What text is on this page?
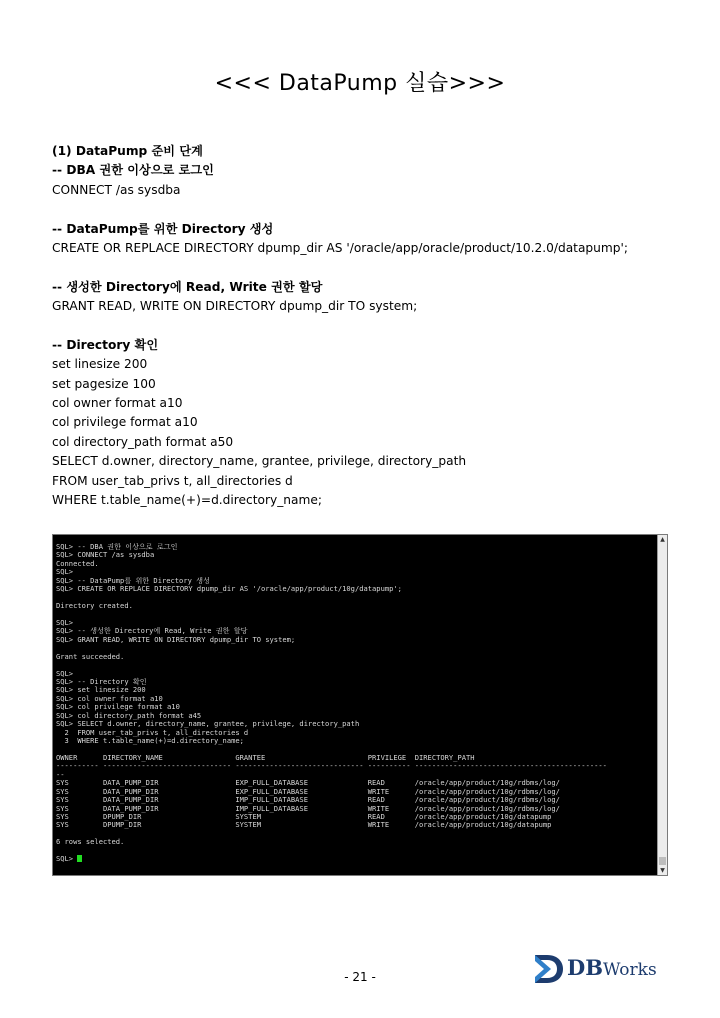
<<< DataPump 실습>>>
(1) DataPump 준비 단계
-- DBA 권한 이상으로 로그인
CONNECT /as sysdba
-- DataPump를 위한 Directory 생성
CREATE OR REPLACE DIRECTORY dpump_dir AS '/oracle/app/oracle/product/10.2.0/datapump';
-- 생성한 Directory에 Read, Write 권한 할당
GRANT READ, WRITE ON DIRECTORY dpump_dir TO system;
-- Directory 확인
set linesize 200
set pagesize 100
col owner format a10
col privilege format a10
col directory_path format a50
SELECT d.owner, directory_name, grantee, privilege, directory_path
FROM user_tab_privs t, all_directories d
WHERE t.table_name(+)=d.directory_name;
SQL> -- DBA 권한 이상으로 로그인
SQL> CONNECT /as sysdba
Connected.
SQL>
SQL> -- DataPump를 위한 Directory 생성
SQL> CREATE OR REPLACE DIRECTORY dpump_dir AS '/oracle/app/product/10g/datapump';
Directory created.
SQL>
SQL> -- 생성한 Directory에 Read, Write 권한 할당
SQL> GRANT READ, WRITE ON DIRECTORY dpump_dir TO system;
Grant succeeded.
SQL>
SQL> -- Directory 확인
SQL> set linesize 200
SQL> col owner format a10
SQL> col privilege format a10
SQL> col directory_path format a45
SQL> SELECT d.owner, directory_name, grantee, privilege, directory_path
2  FROM user_tab_privs t, all_directories d
3  WHERE t.table_name(+)=d.directory_name;
OWNER      DIRECTORY_NAME                 GRANTEE                        PRIVILEGE  DIRECTORY_PATH
---------- ------------------------------ ------------------------------ ---------- ---------------------------------------------
--
SYS        DATA_PUMP_DIR                  EXP_FULL_DATABASE              READ       /oracle/app/product/10g/rdbms/log/
SYS        DATA_PUMP_DIR                  EXP_FULL_DATABASE              WRITE      /oracle/app/product/10g/rdbms/log/
SYS        DATA_PUMP_DIR                  IMP_FULL_DATABASE              READ       /oracle/app/product/10g/rdbms/log/
SYS        DATA_PUMP_DIR                  IMP_FULL_DATABASE              WRITE      /oracle/app/product/10g/rdbms/log/
SYS        DPUMP_DIR                      SYSTEM                         READ       /oracle/app/product/10g/datapump
SYS        DPUMP_DIR                      SYSTEM                         WRITE      /oracle/app/product/10g/datapump
6 rows selected.
SQL>
▲
▼
- 21 -	DBWorks
